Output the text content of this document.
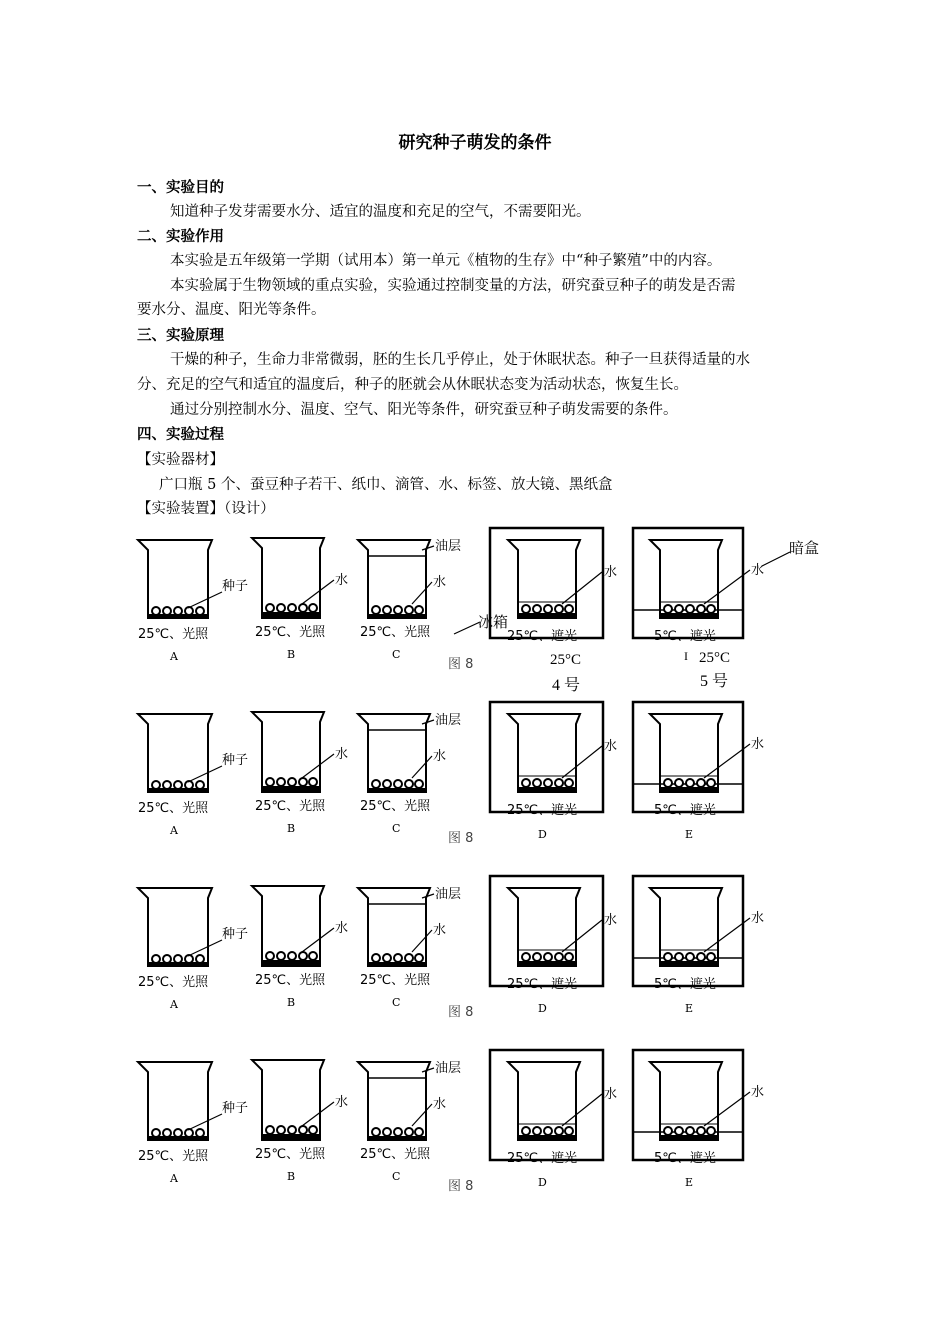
研究种子萌发的条件
一、实验目的
知道种子发芽需要水分、适宜的温度和充足的空气，不需要阳光。
二、实验作用
本实验是五年级第一学期（试用本）第一单元《植物的生存》中“种子繁殖”中的内容。
本实验属于生物领域的重点实验，实验通过控制变量的方法，研究蚕豆种子的萌发是否需
要水分、温度、阳光等条件。
三、实验原理
干燥的种子，生命力非常微弱，胚的生长几乎停止，处于休眠状态。种子一旦获得适量的水
分、充足的空气和适宜的温度后，种子的胚就会从休眠状态变为活动状态，恢复生长。
通过分别控制水分、温度、空气、阳光等条件，研究蚕豆种子萌发需要的条件。
四、实验过程
【实验器材】
广口瓶 5 个、蚕豆种子若干、纸巾、滴管、水、标签、放大镜、黑纸盒
【实验装置】（设计）
种子	水
油层
水
水	水
25℃、光照	25℃、光照	25℃、光照	25℃、遮光	5℃、遮光
A	B	C
图 8
种子	水
油层
水
水	水
25℃、光照	25℃、光照	25℃、光照	25℃、遮光	5℃、遮光
A	B	C	D	E
图 8
种子	水
油层
水
水	水
25℃、光照	25℃、光照	25℃、光照	25℃、遮光	5℃、遮光
A	B	C	D	E
图 8
种子	水
油层
水
水	水
25℃、光照	25℃、光照	25℃、光照	25℃、遮光	5℃、遮光
A	B	C	D	E
图 8
暗盒
冰箱
25°C
4 号
I 25°C
5 号
